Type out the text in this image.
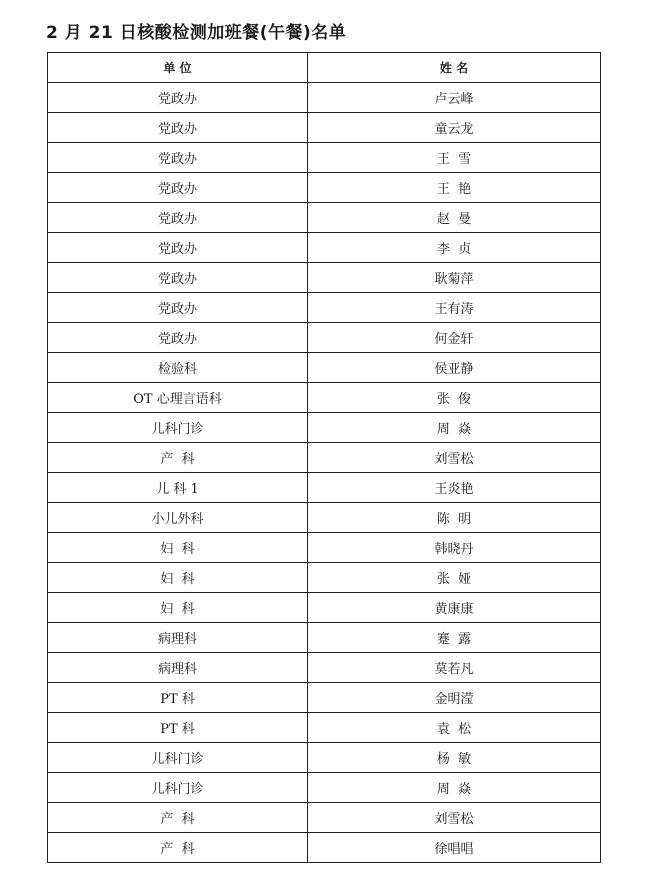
2 月 21 日核酸检测加班餐(午餐)名单
单 位	姓 名
党政办	卢云峰
党政办	童云龙
党政办	王  雪
党政办	王  艳
党政办	赵  曼
党政办	李  贞
党政办	耿菊萍
党政办	王有涛
党政办	何金轩
检验科	侯亚静
OT 心理言语科	张  俊
儿科门诊	周  焱
产  科	刘雪松
儿 科 1	王炎艳
小儿外科	陈  明
妇  科	韩晓丹
妇  科	张  娅
妇  科	黄康康
病理科	蹇  露
病理科	莫若凡
PT 科	金明滢
PT 科	袁  松
儿科门诊	杨  敏
儿科门诊	周  焱
产  科	刘雪松
产  科	徐唱唱
